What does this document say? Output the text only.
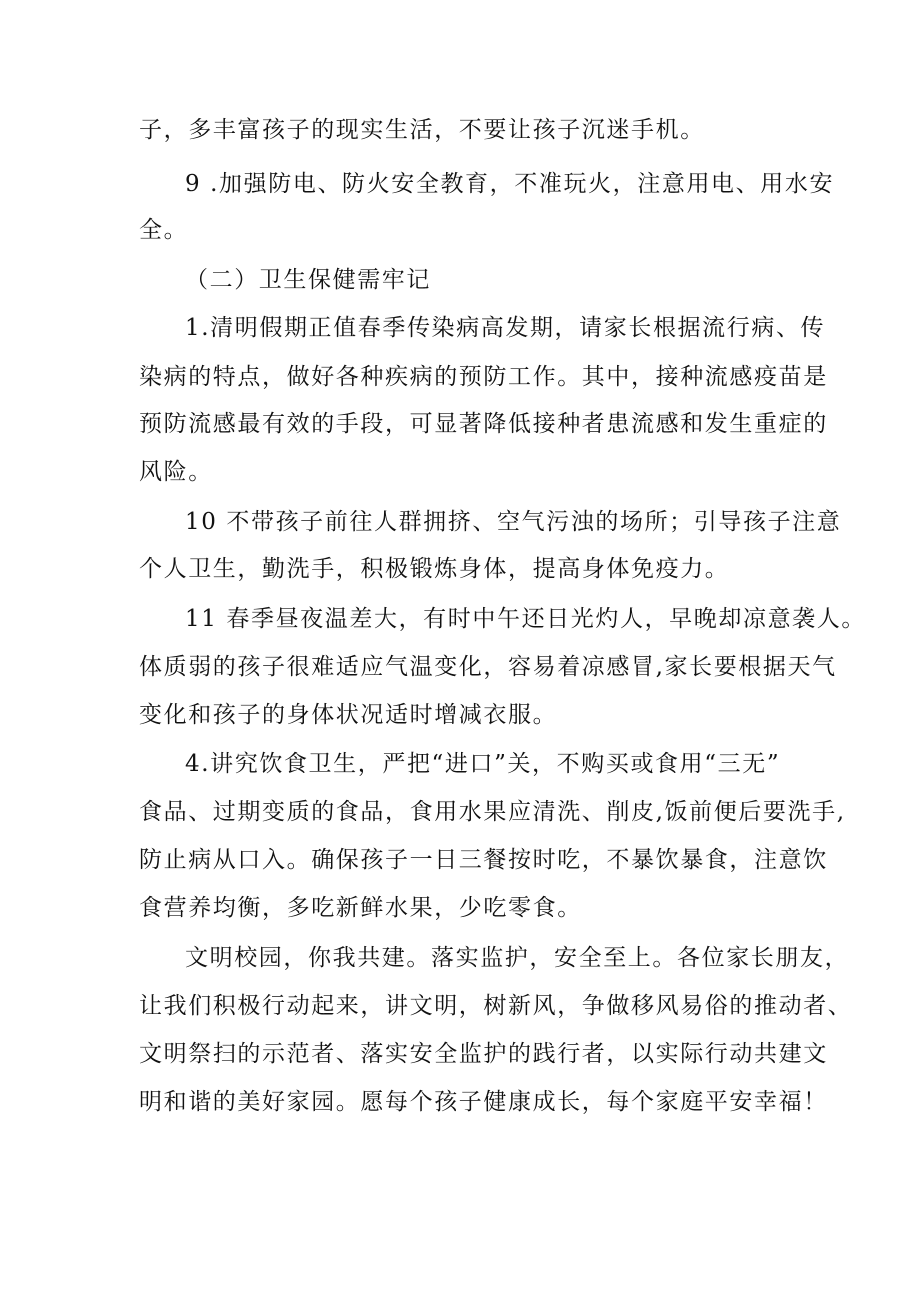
子，多丰富孩子的现实生活，不要让孩子沉迷手机。

9 .加强防电、防火安全教育，不准玩火，注意用电、用水安

全。

（二）卫生保健需牢记

1.清明假期正值春季传染病高发期，请家长根据流行病、传

染病的特点，做好各种疾病的预防工作。其中，接种流感疫苗是

预防流感最有效的手段，可显著降低接种者患流感和发生重症的

风险。

10 不带孩子前往人群拥挤、空气污浊的场所；引导孩子注意

个人卫生，勤洗手，积极锻炼身体，提高身体免疫力。

11 春季昼夜温差大，有时中午还日光灼人，早晚却凉意袭人。

体质弱的孩子很难适应气温变化，容易着凉感冒,家长要根据天气

变化和孩子的身体状况适时增减衣服。

4.讲究饮食卫生，严把“进口”关，不购买或食用“三无”

食品、过期变质的食品，食用水果应清洗、削皮,饭前便后要洗手,

防止病从口入。确保孩子一日三餐按时吃，不暴饮暴食，注意饮

食营养均衡，多吃新鲜水果，少吃零食。

文明校园，你我共建。落实监护，安全至上。各位家长朋友，

让我们积极行动起来，讲文明，树新风，争做移风易俗的推动者、

文明祭扫的示范者、落实安全监护的践行者，以实际行动共建文

明和谐的美好家园。愿每个孩子健康成长，每个家庭平安幸福！
